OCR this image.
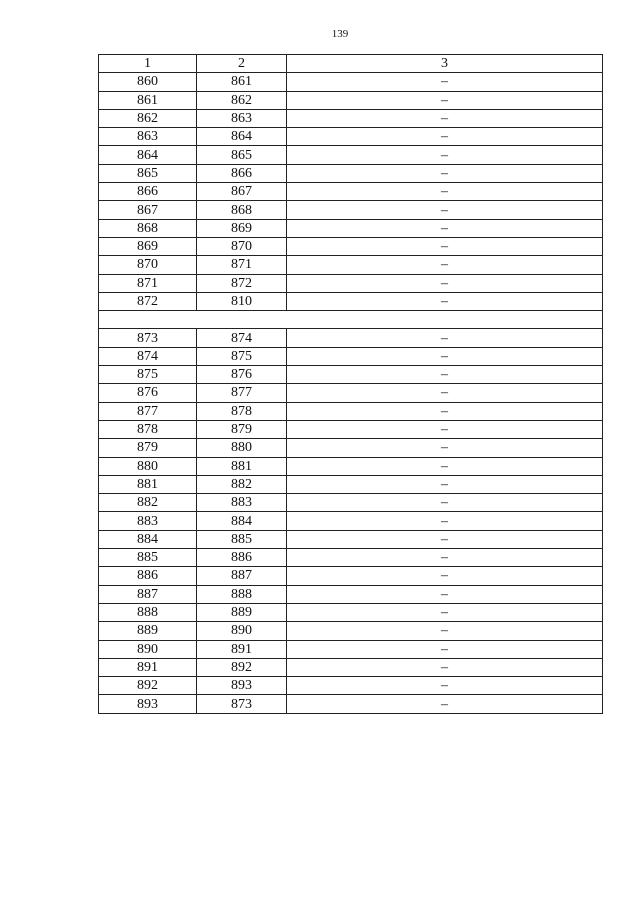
139
1	2	3
860	861	–
861	862	–
862	863	–
863	864	–
864	865	–
865	866	–
866	867	–
867	868	–
868	869	–
869	870	–
870	871	–
871	872	–
872	810	–

873	874	–
874	875	–
875	876	–
876	877	–
877	878	–
878	879	–
879	880	–
880	881	–
881	882	–
882	883	–
883	884	–
884	885	–
885	886	–
886	887	–
887	888	–
888	889	–
889	890	–
890	891	–
891	892	–
892	893	–
893	873	–
